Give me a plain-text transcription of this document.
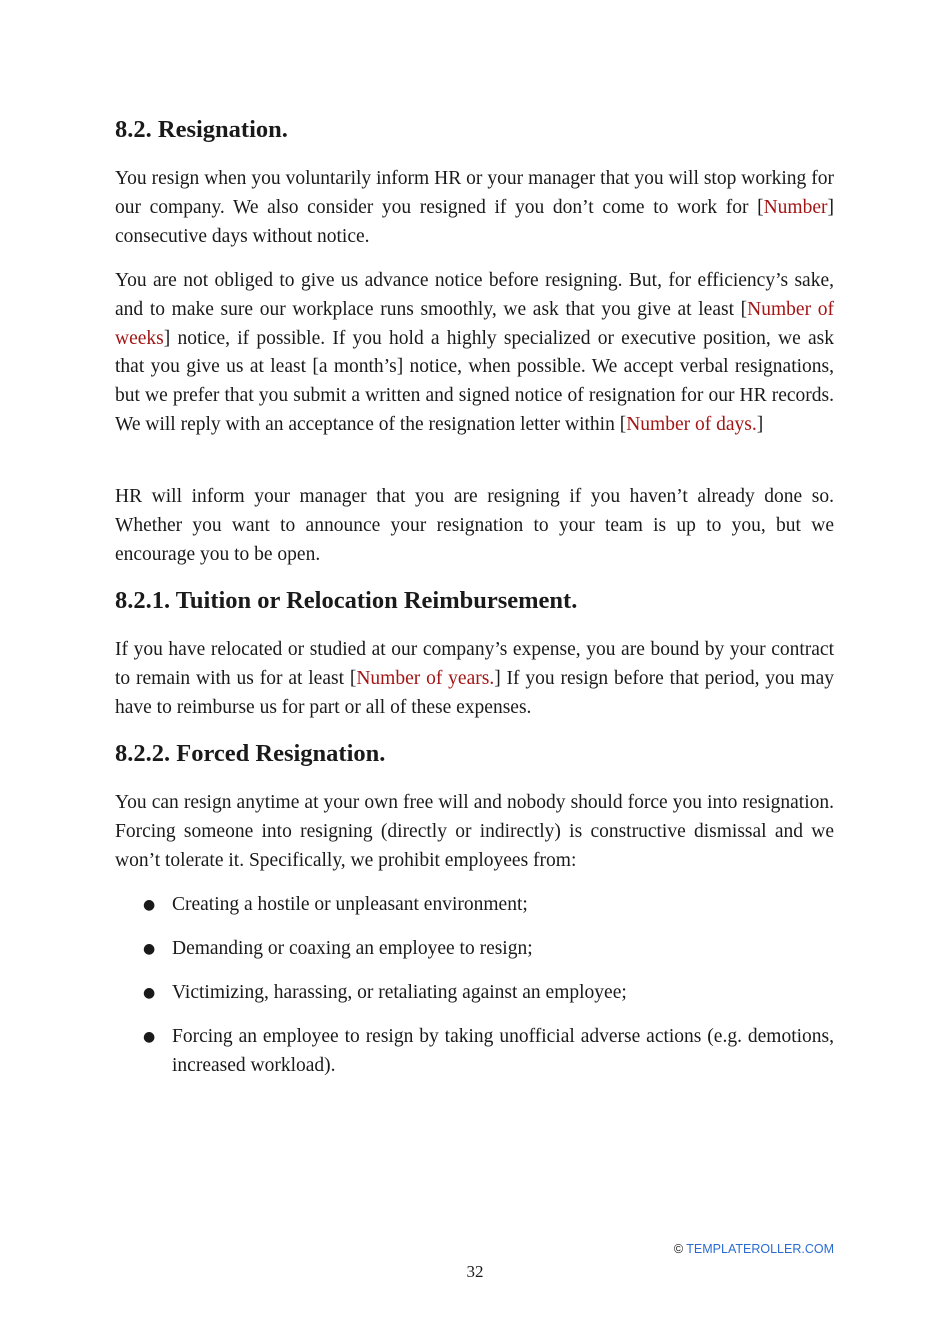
8.2. Resignation.

You resign when you voluntarily inform HR or your manager that you will stop working for our company. We also consider you resigned if you don’t come to work for [Number] consecutive days without notice.

You are not obliged to give us advance notice before resigning. But, for efficiency’s sake, and to make sure our workplace runs smoothly, we ask that you give at least [Number of weeks] notice, if possible. If you hold a highly specialized or executive position, we ask that you give us at least [a month’s] notice, when possible. We accept verbal resignations, but we prefer that you submit a written and signed notice of resignation for our HR records. We will reply with an acceptance of the resignation letter within [Number of days.]

HR will inform your manager that you are resigning if you haven’t already done so. Whether you want to announce your resignation to your team is up to you, but we encourage you to be open.

8.2.1. Tuition or Relocation Reimbursement.

If you have relocated or studied at our company’s expense, you are bound by your contract to remain with us for at least [Number of years.] If you resign before that period, you may have to reimburse us for part or all of these expenses.

8.2.2. Forced Resignation.

You can resign anytime at your own free will and nobody should force you into resignation. Forcing someone into resigning (directly or indirectly) is constructive dismissal and we won’t tolerate it. Specifically, we prohibit employees from:

● Creating a hostile or unpleasant environment;
● Demanding or coaxing an employee to resign;
● Victimizing, harassing, or retaliating against an employee;
● Forcing an employee to resign by taking unofficial adverse actions (e.g. demotions, increased workload).
© TEMPLATEROLLER.COM
32
